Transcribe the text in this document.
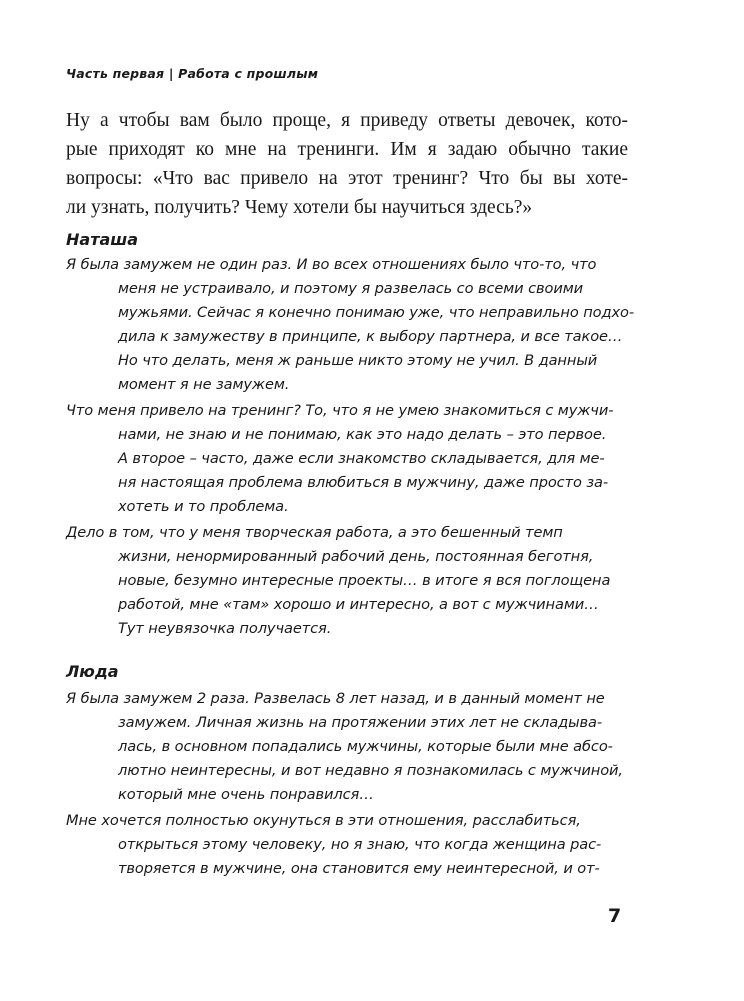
Часть первая | Работа с прошлым
Ну а чтобы вам было проще, я приведу ответы девочек, кото-
рые приходят ко мне на тренинги. Им я задаю обычно такие
вопросы: «Что вас привело на этот тренинг? Что бы вы хоте-
ли узнать, получить? Чему хотели бы научиться здесь?»
Наташа
Я была замужем не один раз. И во всех отношениях было что-то, что
меня не устраивало, и поэтому я развелась со всеми своими
мужьями. Сейчас я конечно понимаю уже, что неправильно подхо-
дила к замужеству в принципе, к выбору партнера, и все такое…
Но что делать, меня ж раньше никто этому не учил. В данный
момент я не замужем.
Что меня привело на тренинг? То, что я не умею знакомиться с мужчи-
нами, не знаю и не понимаю, как это надо делать – это первое.
А второе – часто, даже если знакомство складывается, для ме-
ня настоящая проблема влюбиться в мужчину, даже просто за-
хотеть и то проблема.
Дело в том, что у меня творческая работа, а это бешенный темп
жизни, ненормированный рабочий день, постоянная беготня,
новые, безумно интересные проекты… в итоге я вся поглощена
работой, мне «там» хорошо и интересно, а вот с мужчинами…
Тут неувязочка получается.
Люда
Я была замужем 2 раза. Развелась 8 лет назад, и в данный момент не
замужем. Личная жизнь на протяжении этих лет не складыва-
лась, в основном попадались мужчины, которые были мне абсо-
лютно неинтересны, и вот недавно я познакомилась с мужчиной,
который мне очень понравился…
Мне хочется полностью окунуться в эти отношения, расслабиться,
открыться этому человеку, но я знаю, что когда женщина рас-
творяется в мужчине, она становится ему неинтересной, и от-
7
